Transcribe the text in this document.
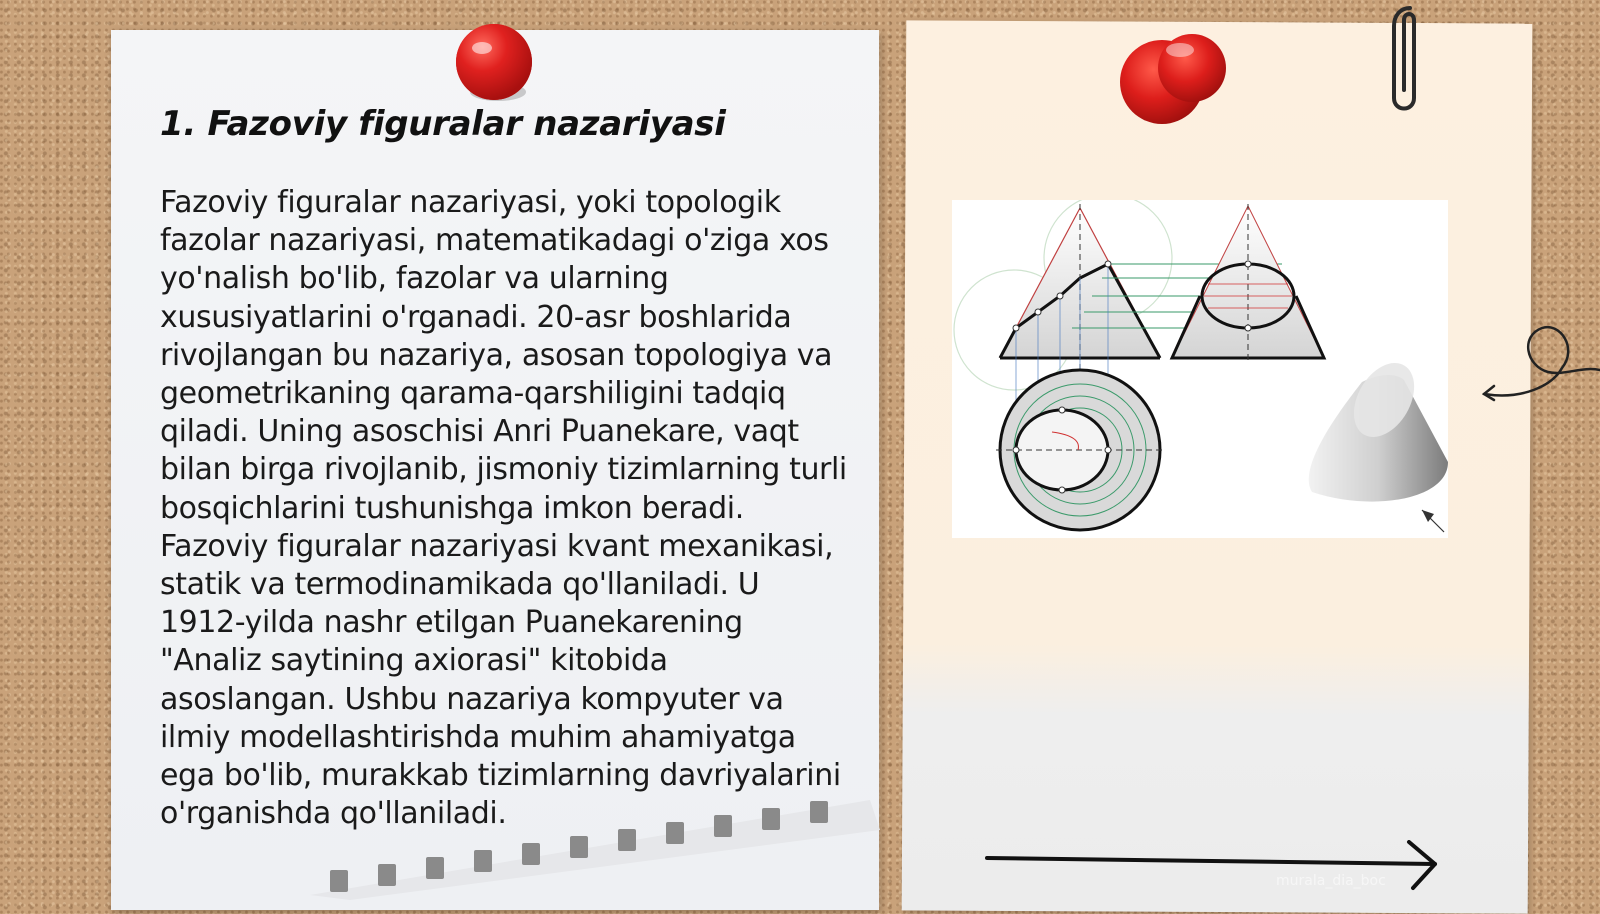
1. Fazoviy figuralar nazariyasi

Fazoviy figuralar nazariyasi, yoki topologik fazolar nazariyasi, matematikadagi o'ziga xos yo'nalish bo'lib, fazolar va ularning xususiyatlarini o'rganadi. 20-asr boshlarida rivojlangan bu nazariya, asosan topologiya va geometrikaning qarama-qarshiligini tadqiq qiladi. Uning asoschisi Anri Puanekare, vaqt bilan birga rivojlanib, jismoniy tizimlarning turli bosqichlarini tushunishga imkon beradi. Fazoviy figuralar nazariyasi kvant mexanikasi, statik va termodinamikada qo'llaniladi. U 1912-yilda nashr etilgan Puanekarening "Analiz saytining axiorasi" kitobida asoslangan. Ushbu nazariya kompyuter va ilmiy modellashtirishda muhim ahamiyatga ega bo'lib, murakkab tizimlarning davriyalarini o'rganishda qo'llaniladi.

murala_dia_boc
